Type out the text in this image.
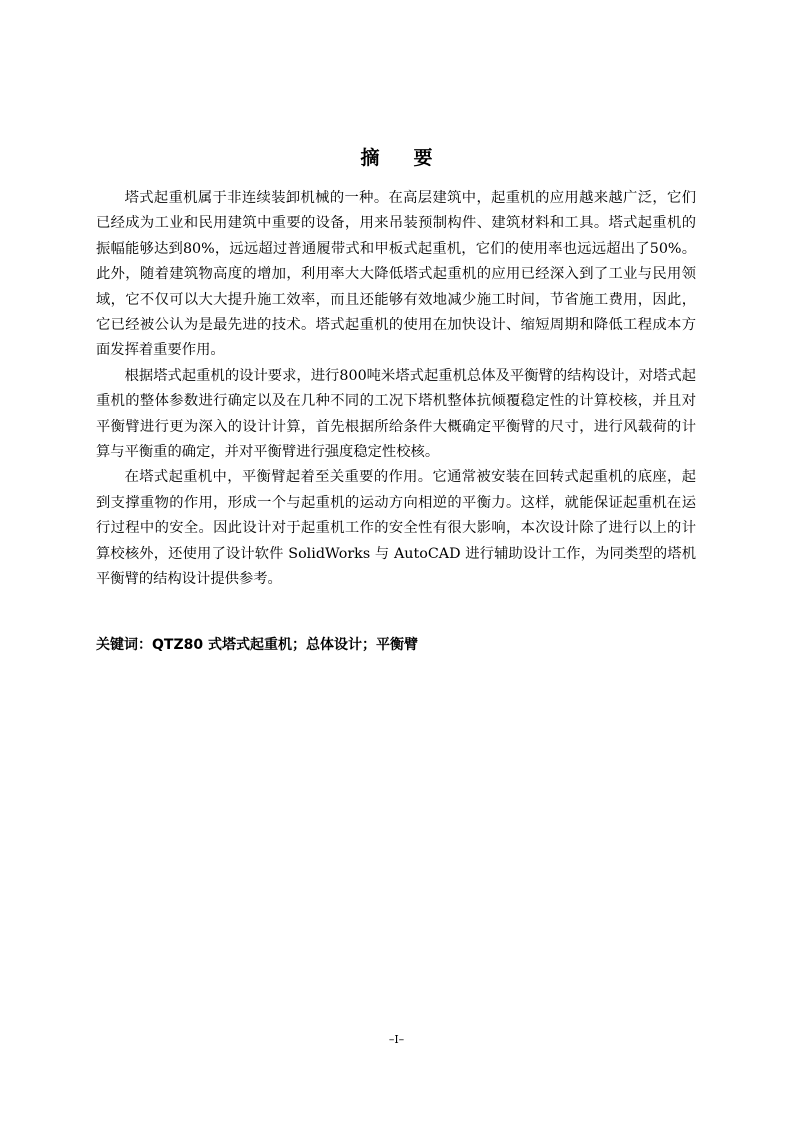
摘 要

塔式起重机属于非连续装卸机械的一种。在高层建筑中，起重机的应用越来越广泛，它们已经成为工业和民用建筑中重要的设备，用来吊装预制构件、建筑材料和工具。塔式起重机的振幅能够达到80%，远远超过普通履带式和甲板式起重机，它们的使用率也远远超出了50%。此外，随着建筑物高度的增加，利用率大大降低塔式起重机的应用已经深入到了工业与民用领域，它不仅可以大大提升施工效率，而且还能够有效地减少施工时间，节省施工费用，因此，它已经被公认为是最先进的技术。塔式起重机的使用在加快设计、缩短周期和降低工程成本方面发挥着重要作用。

根据塔式起重机的设计要求，进行800吨米塔式起重机总体及平衡臂的结构设计，对塔式起重机的整体参数进行确定以及在几种不同的工况下塔机整体抗倾覆稳定性的计算校核，并且对平衡臂进行更为深入的设计计算，首先根据所给条件大概确定平衡臂的尺寸，进行风载荷的计算与平衡重的确定，并对平衡臂进行强度稳定性校核。

在塔式起重机中，平衡臂起着至关重要的作用。它通常被安装在回转式起重机的底座，起到支撑重物的作用，形成一个与起重机的运动方向相逆的平衡力。这样，就能保证起重机在运行过程中的安全。因此设计对于起重机工作的安全性有很大影响，本次设计除了进行以上的计算校核外，还使用了设计软件 SolidWorks 与 AutoCAD 进行辅助设计工作，为同类型的塔机平衡臂的结构设计提供参考。

关键词：QTZ80 式塔式起重机；总体设计；平衡臂

–I–
